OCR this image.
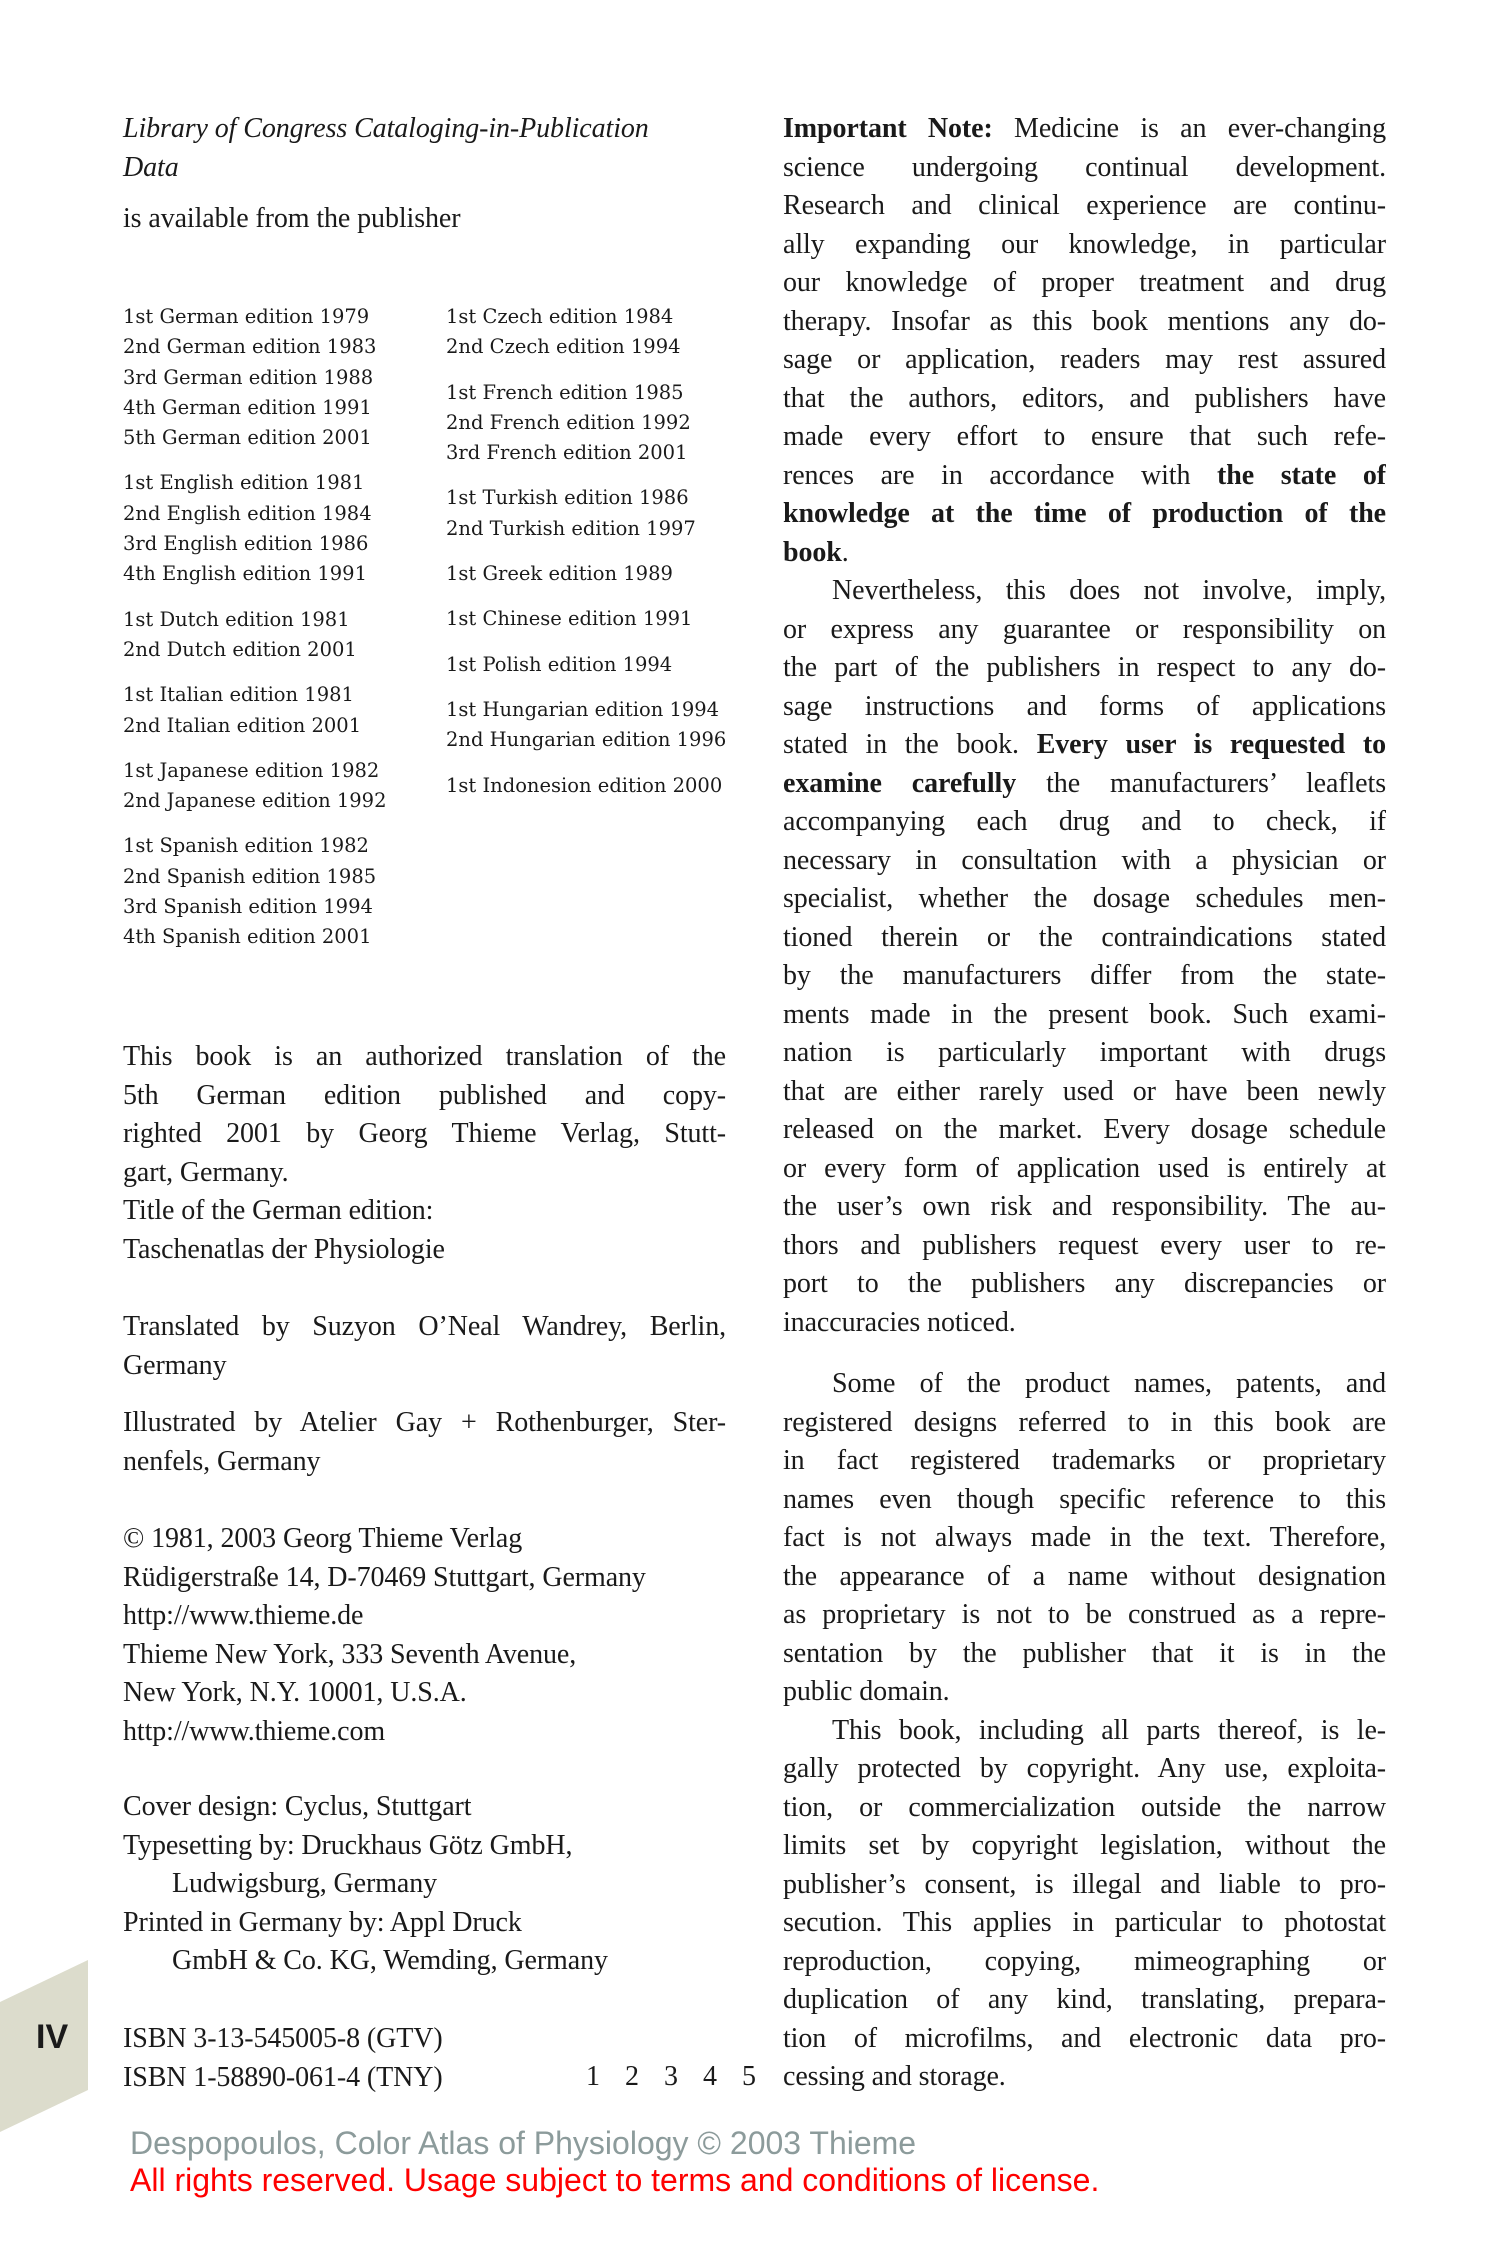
Library of Congress Cataloging-in-Publication
Data
is available from the publisher
1st German edition 1979
2nd German edition 1983
3rd German edition 1988
4th German edition 1991
5th German edition 2001
1st English edition 1981
2nd English edition 1984
3rd English edition 1986
4th English edition 1991
1st Dutch edition 1981
2nd Dutch edition 2001
1st Italian edition 1981
2nd Italian edition 2001
1st Japanese edition 1982
2nd Japanese edition 1992
1st Spanish edition 1982
2nd Spanish edition 1985
3rd Spanish edition 1994
4th Spanish edition 2001
1st Czech edition 1984
2nd Czech edition 1994
1st French edition 1985
2nd French edition 1992
3rd French edition 2001
1st Turkish edition 1986
2nd Turkish edition 1997
1st Greek edition 1989
1st Chinese edition 1991
1st Polish edition 1994
1st Hungarian edition 1994
2nd Hungarian edition 1996
1st Indonesion edition 2000
This book is an authorized translation of the
5th German edition published and copy-
righted 2001 by Georg Thieme Verlag, Stutt-
gart, Germany.
Title of the German edition:
Taschenatlas der Physiologie
Translated by Suzyon O’Neal Wandrey, Berlin,
Germany
Illustrated by Atelier Gay + Rothenburger, Ster-
nenfels, Germany
© 1981, 2003 Georg Thieme Verlag
Rüdigerstraße 14, D-70469 Stuttgart, Germany
http://www.thieme.de
Thieme New York, 333 Seventh Avenue,
New York, N.Y. 10001, U.S.A.
http://www.thieme.com
Cover design: Cyclus, Stuttgart
Typesetting by: Druckhaus Götz GmbH,
Ludwigsburg, Germany
Printed in Germany by: Appl Druck
GmbH & Co. KG, Wemding, Germany
ISBN 3-13-545005-8 (GTV)
ISBN 1-58890-061-4 (TNY)	1 2 3 4 5
Important Note: Medicine is an ever-changing
science undergoing continual development.
Research and clinical experience are continu-
ally expanding our knowledge, in particular
our knowledge of proper treatment and drug
therapy. Insofar as this book mentions any do-
sage or application, readers may rest assured
that the authors, editors, and publishers have
made every effort to ensure that such refe-
rences are in accordance with the state of
knowledge at the time of production of the
book.
Nevertheless, this does not involve, imply,
or express any guarantee or responsibility on
the part of the publishers in respect to any do-
sage instructions and forms of applications
stated in the book. Every user is requested to
examine carefully the manufacturers’ leaflets
accompanying each drug and to check, if
necessary in consultation with a physician or
specialist, whether the dosage schedules men-
tioned therein or the contraindications stated
by the manufacturers differ from the state-
ments made in the present book. Such exami-
nation is particularly important with drugs
that are either rarely used or have been newly
released on the market. Every dosage schedule
or every form of application used is entirely at
the user’s own risk and responsibility. The au-
thors and publishers request every user to re-
port to the publishers any discrepancies or
inaccuracies noticed.
Some of the product names, patents, and
registered designs referred to in this book are
in fact registered trademarks or proprietary
names even though specific reference to this
fact is not always made in the text. Therefore,
the appearance of a name without designation
as proprietary is not to be construed as a repre-
sentation by the publisher that it is in the
public domain.
This book, including all parts thereof, is le-
gally protected by copyright. Any use, exploita-
tion, or commercialization outside the narrow
limits set by copyright legislation, without the
publisher’s consent, is illegal and liable to pro-
secution. This applies in particular to photostat
reproduction, copying, mimeographing or
duplication of any kind, translating, prepara-
tion of microfilms, and electronic data pro-
cessing and storage.
IV
Despopoulos, Color Atlas of Physiology © 2003 Thieme
All rights reserved. Usage subject to terms and conditions of license.
